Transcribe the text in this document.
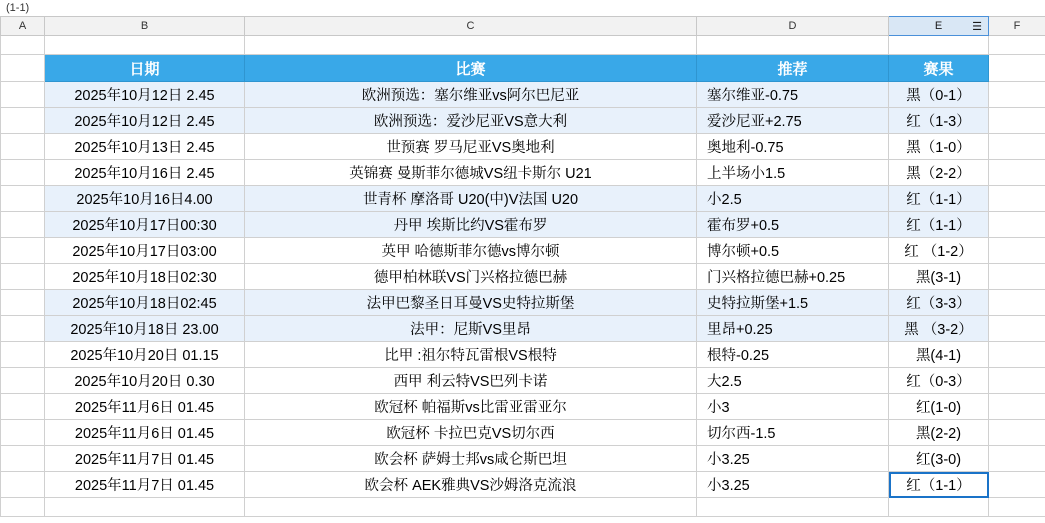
(1-1)
A	B	C	D	E ☰	F

	日期	比赛	推荐	赛果	
	2025年10月12日 2.45	欧洲预选：塞尔维亚vs阿尔巴尼亚	塞尔维亚-0.75	黑（0-1）	
	2025年10月12日 2.45	欧洲预选：爱沙尼亚VS意大利	爱沙尼亚+2.75	红（1-3）	
	2025年10月13日 2.45	世预赛 罗马尼亚VS奥地利	奥地利-0.75	黑（1-0）	
	2025年10月16日 2.45	英锦赛 曼斯菲尔德城VS纽卡斯尔 U21	上半场小1.5	黑（2-2）	
	2025年10月16日4.00	世青杯 摩洛哥 U20(中)V法国 U20	小2.5	红（1-1）	
	2025年10月17日00:30	丹甲 埃斯比约VS霍布罗	霍布罗+0.5	红（1-1）	
	2025年10月17日03:00	英甲 哈德斯菲尔德vs博尔顿	博尔顿+0.5	红 （1-2）	
	2025年10月18日02:30	德甲柏林联VS门兴格拉德巴赫	门兴格拉德巴赫+0.25	黑(3-1)	
	2025年10月18日02:45	法甲巴黎圣日耳曼VS史特拉斯堡	史特拉斯堡+1.5	红（3-3）	
	2025年10月18日 23.00	法甲：尼斯VS里昂	里昂+0.25	黑 （3-2）	
	2025年10月20日 01.15	比甲 :祖尔特瓦雷根VS根特	根特-0.25	黑(4-1)	
	2025年10月20日 0.30	西甲 利云特VS巴列卡诺	大2.5	红（0-3）	
	2025年11月6日 01.45	欧冠杯 帕福斯vs比雷亚雷亚尔	小3	红(1-0)	
	2025年11月6日 01.45	欧冠杯 卡拉巴克VS切尔西	切尔西-1.5	黑(2-2)	
	2025年11月7日 01.45	欧会杯 萨姆士邦vs咸仑斯巴坦	小3.25	红(3-0)	
	2025年11月7日 01.45	欧会杯 AEK雅典VS沙姆洛克流浪	小3.25	红（1-1）	
